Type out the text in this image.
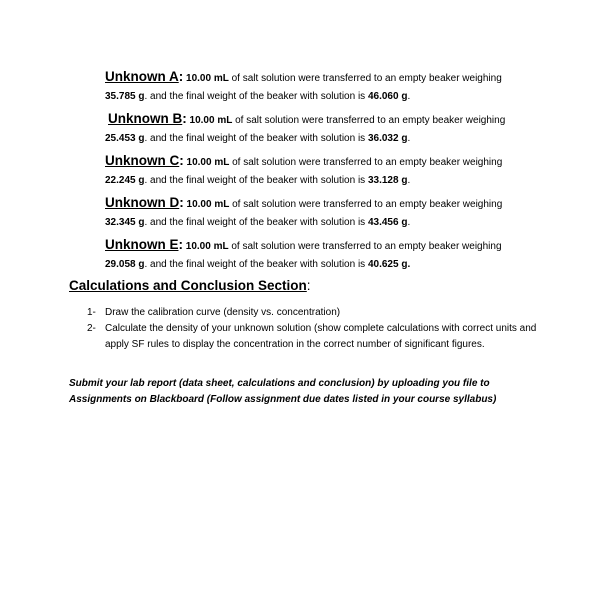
Unknown A: 10.00 mL of salt solution were transferred to an empty beaker weighing
35.785 g. and the final weight of the beaker with solution is 46.060 g.
Unknown B: 10.00 mL of salt solution were transferred to an empty beaker weighing
25.453 g. and the final weight of the beaker with solution is 36.032 g.
Unknown C: 10.00 mL of salt solution were transferred to an empty beaker weighing
22.245 g. and the final weight of the beaker with solution is 33.128 g.
Unknown D: 10.00 mL of salt solution were transferred to an empty beaker weighing
32.345 g. and the final weight of the beaker with solution is 43.456 g.
Unknown E: 10.00 mL of salt solution were transferred to an empty beaker weighing
29.058 g. and the final weight of the beaker with solution is 40.625 g.
Calculations and Conclusion Section:
1- Draw the calibration curve (density vs. concentration)
2- Calculate the density of your unknown solution (show complete calculations with correct units and apply SF rules to display the concentration in the correct number of significant figures.
Submit your lab report (data sheet, calculations and conclusion) by uploading you file to Assignments on Blackboard (Follow assignment due dates listed in your course syllabus)
